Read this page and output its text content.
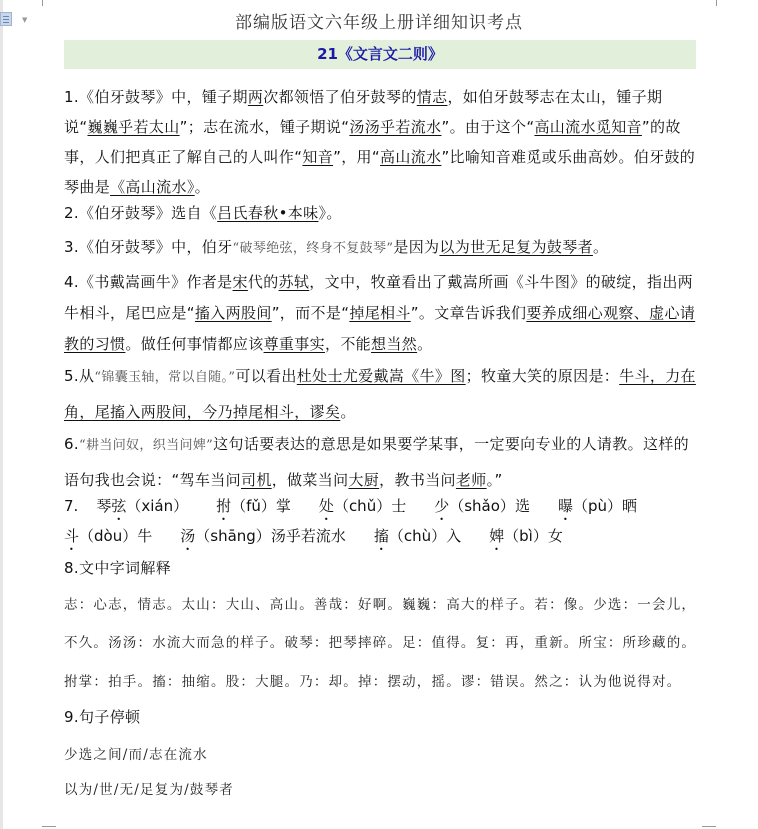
▼	部编版语文六年级上册详细知识考点
21《文言文二则》
1.《伯牙鼓琴》中，锺子期两次都领悟了伯牙鼓琴的情志，如伯牙鼓琴志在太山，锺子期说“巍巍乎若太山”；志在流水，锺子期说“汤汤乎若流水”。由于这个“高山流水觅知音”的故事，人们把真正了解自己的人叫作“知音”，用“高山流水”比喻知音难觅或乐曲高妙。伯牙鼓的琴曲是《高山流水》。
2.《伯牙鼓琴》选自《吕氏春秋•本味》。
3.《伯牙鼓琴》中，伯牙“破琴绝弦，终身不复鼓琴”是因为以为世无足复为鼓琴者。
4.《书戴嵩画牛》作者是宋代的苏轼，文中，牧童看出了戴嵩所画《斗牛图》的破绽，指出两牛相斗，尾巴应是“搐入两股间”，而不是“掉尾相斗”。文章告诉我们要养成细心观察、虚心请教的习惯。做任何事情都应该尊重事实，不能想当然。
5.从“锦囊玉轴，常以自随。”可以看出杜处士尤爱戴嵩《牛》图；牧童大笑的原因是：牛斗，力在角，尾搐入两股间，今乃掉尾相斗，谬矣。
6.“耕当问奴，织当问婢”这句话要表达的意思是如果要学某事，一定要向专业的人请教。这样的语句我也会说：“驾车当问司机，做菜当问大厨，教书当问老师。”
7. 琴弦（xián） 拊（fǔ）掌 处（chǔ）士 少（shǎo）选 曝（pù）晒
斗（dòu）牛 汤（shāng）汤乎若流水 搐（chù）入 婢（bì）女
8.文中字词解释
志：心志，情志。太山：大山、高山。善哉：好啊。巍巍：高大的样子。若：像。少选：一会儿，
不久。汤汤：水流大而急的样子。破琴：把琴摔碎。足：值得。复：再，重新。所宝：所珍藏的。
拊掌：拍手。搐：抽缩。股：大腿。乃：却。掉：摆动，摇。谬：错误。然之：认为他说得对。
9.句子停顿
少选之间/而/志在流水
以为/世/无/足复为/鼓琴者
